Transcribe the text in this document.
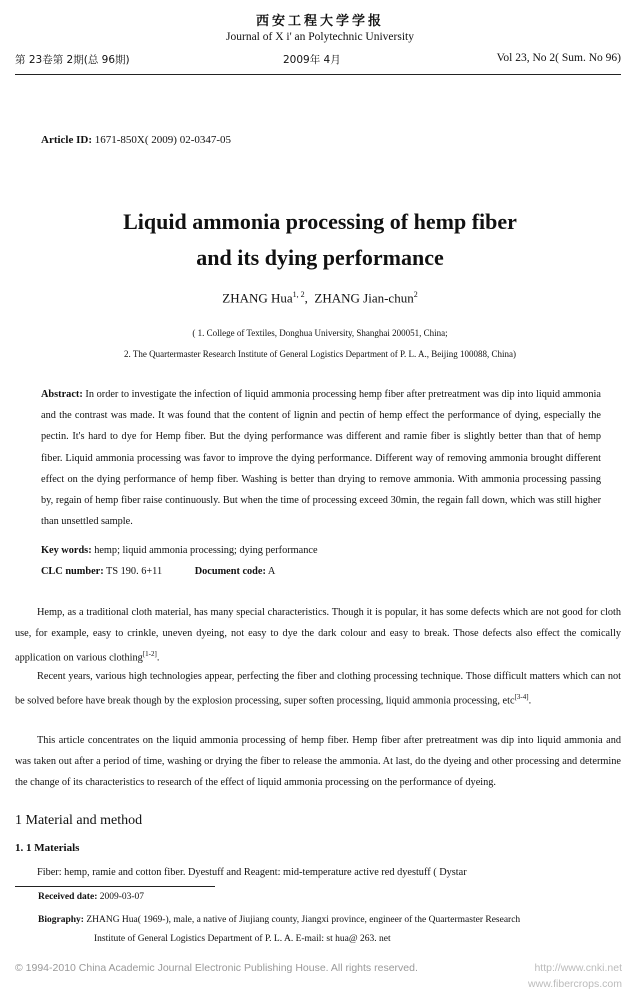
西安工程大学学报
Journal of X i' an Polytechnic University
第 23卷第 2期(总 96期)	2009年 4月	Vol 23, No 2( Sum. No 96)
Article ID: 1671-850X( 2009) 02-0347-05
Liquid ammonia processing of hemp fiber
and its dying performance
ZHANG Hua$^{1, 2}$,  ZHANG Jian-chun$^2$
( 1. College of Textiles, Donghua University, Shanghai 200051, China;
2. The Quartermaster Research Institute of General Logistics Department of P. L. A., Beijing 100088, China)
Abstract: In order to investigate the infection of liquid ammonia processing hemp fiber after pretreatment was dip into liquid ammonia and the contrast was made. It was found that the content of lignin and pectin of hemp effect the performance of dying, especially the pectin. It's hard to dye for Hemp fiber. But the dying performance was different and ramie fiber is slightly better than that of hemp fiber. Liquid ammonia processing was favor to improve the dying performance. Different way of removing ammonia brought different effect on the dying performance of hemp fiber. Washing is better than drying to remove ammonia. With ammonia processing passing by, regain of hemp fiber raise continuously. But when the time of processing exceed 30min, the regain fall down, which was still higher than unsettled sample.
Key words: hemp; liquid ammonia processing; dying performance
CLC number: TS 190. 6+11	Document code: A
Hemp, as a traditional cloth material, has many special characteristics. Though it is popular, it has some defects which are not good for cloth use, for example, easy to crinkle, uneven dyeing, not easy to dye the dark colour and easy to break. Those defects also effect the comically application on various clothing[1-2].
Recent years, various high technologies appear, perfecting the fiber and clothing processing technique. Those difficult matters which can not be solved before have break though by the explosion processing, super soften processing, liquid ammonia processing, etc[3-4].
This article concentrates on the liquid ammonia processing of hemp fiber. Hemp fiber after pretreatment was dip into liquid ammonia and was taken out after a period of time, washing or drying the fiber to release the ammonia. At last, do the dyeing and other processing and determine the change of its characteristics to research of the effect of liquid ammonia processing on the performance of dyeing.
1 Material and method
1. 1 Materials
Fiber: hemp, ramie and cotton fiber. Dyestuff and Reagent: mid-temperature active red dyestuff ( Dystar
Received date: 2009-03-07
Biography: ZHANG Hua( 1969-), male, a native of Jiujiang county, Jiangxi province, engineer of the Quartermaster Research
Institute of General Logistics Department of P. L. A. E-mail: st hua@ 263. net
© 1994-2010 China Academic Journal Electronic Publishing House. All rights reserved.	http://www.cnki.net
www.fibercrops.com
